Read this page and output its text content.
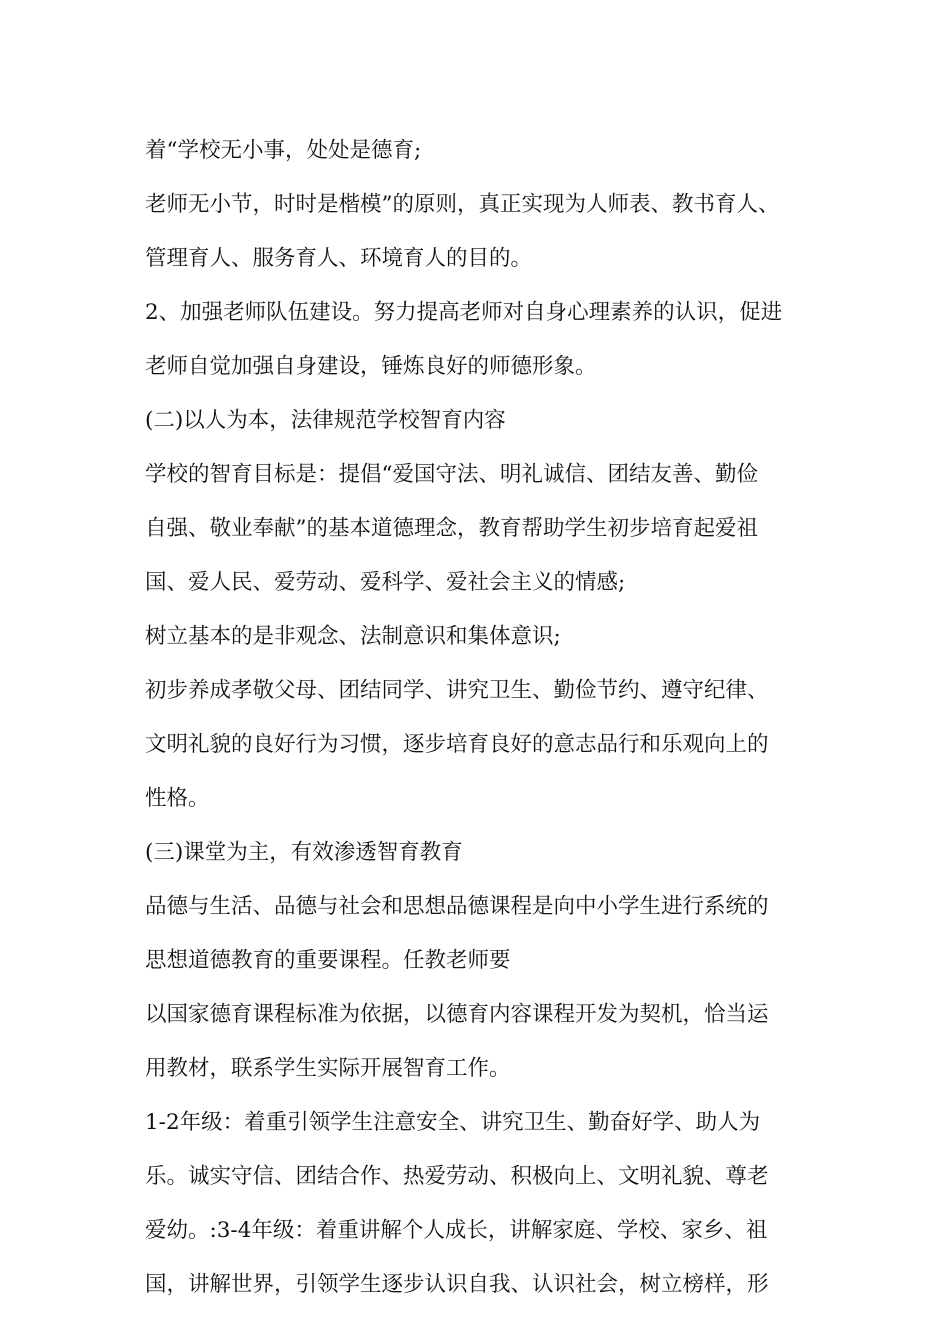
着“学校无小事，处处是德育;
老师无小节，时时是楷模”的原则，真正实现为人师表、教书育人、
管理育人、服务育人、环境育人的目的。
2、加强老师队伍建设。努力提高老师对自身心理素养的认识，促进
老师自觉加强自身建设，锤炼良好的师德形象。
(二)以人为本，法律规范学校智育内容
学校的智育目标是：提倡“爱国守法、明礼诚信、团结友善、勤俭
自强、敬业奉献”的基本道德理念，教育帮助学生初步培育起爱祖
国、爱人民、爱劳动、爱科学、爱社会主义的情感;
树立基本的是非观念、法制意识和集体意识;
初步养成孝敬父母、团结同学、讲究卫生、勤俭节约、遵守纪律、
文明礼貌的良好行为习惯，逐步培育良好的意志品行和乐观向上的
性格。
(三)课堂为主，有效渗透智育教育
品德与生活、品德与社会和思想品德课程是向中小学生进行系统的
思想道德教育的重要课程。任教老师要
以国家德育课程标准为依据，以德育内容课程开发为契机，恰当运
用教材，联系学生实际开展智育工作。
1-2年级：着重引领学生注意安全、讲究卫生、勤奋好学、助人为
乐。诚实守信、团结合作、热爱劳动、积极向上、文明礼貌、尊老
爱幼。:3-4年级：着重讲解个人成长，讲解家庭、学校、家乡、祖
国，讲解世界，引领学生逐步认识自我、认识社会，树立榜样，形
